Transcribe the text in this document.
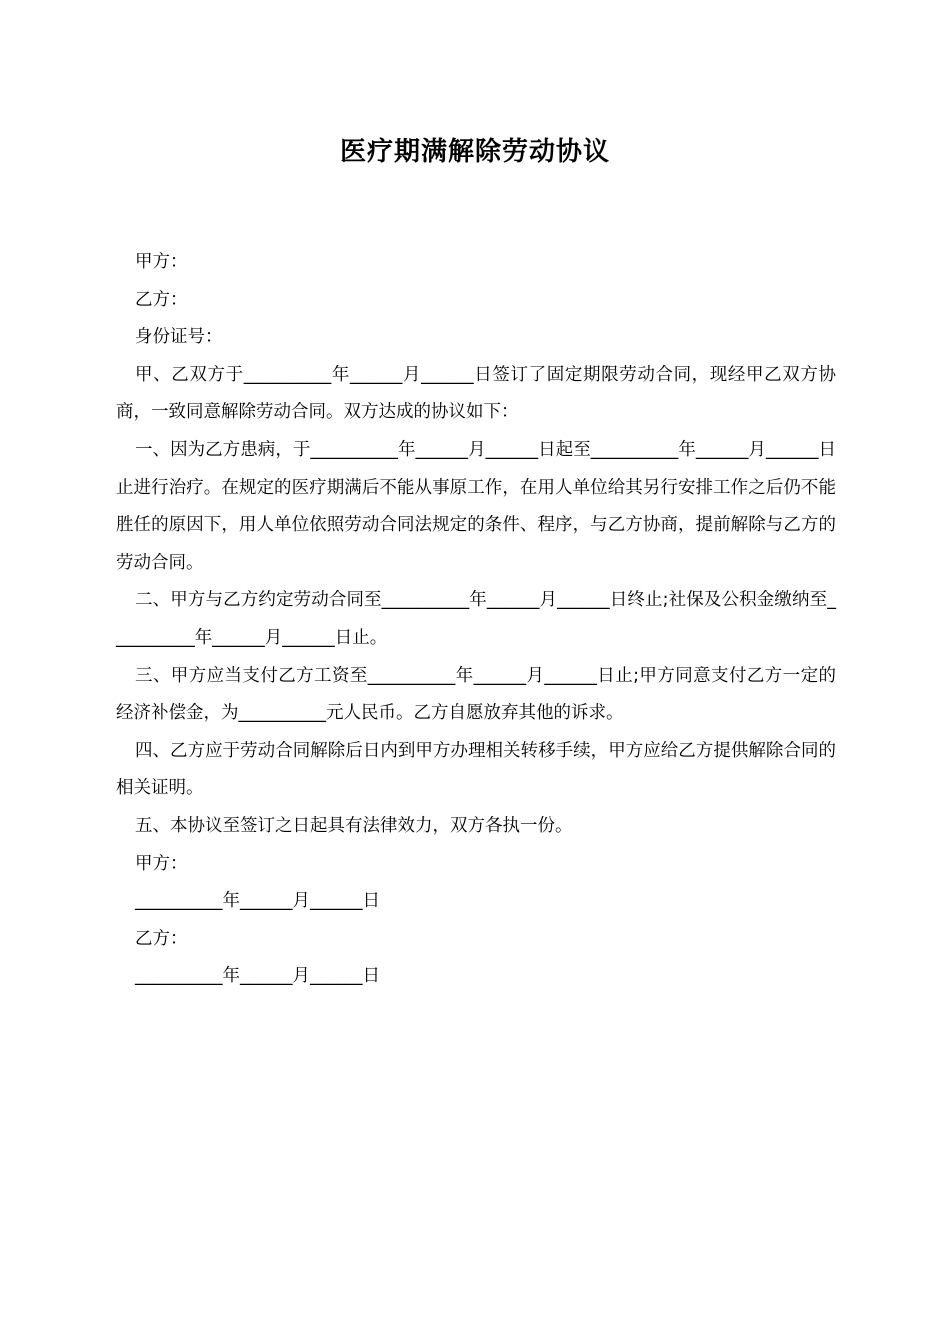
医疗期满解除劳动协议

甲方：

乙方：

身份证号：

甲、乙双方于__________年______月______日签订了固定期限劳动合同，现经甲乙双方协商，一致同意解除劳动合同。双方达成的协议如下：

一、因为乙方患病，于__________年______月______日起至__________年______月______日止进行治疗。在规定的医疗期满后不能从事原工作，在用人单位给其另行安排工作之后仍不能胜任的原因下，用人单位依照劳动合同法规定的条件、程序，与乙方协商，提前解除与乙方的劳动合同。

二、甲方与乙方约定劳动合同至__________年______月______日终止;社保及公积金缴纳至__________年______月______日止。

三、甲方应当支付乙方工资至__________年______月______日止;甲方同意支付乙方一定的经济补偿金，为__________元人民币。乙方自愿放弃其他的诉求。

四、乙方应于劳动合同解除后日内到甲方办理相关转移手续，甲方应给乙方提供解除合同的相关证明。

五、本协议至签订之日起具有法律效力，双方各执一份。

甲方：

__________年______月______日

乙方：

__________年______月______日
